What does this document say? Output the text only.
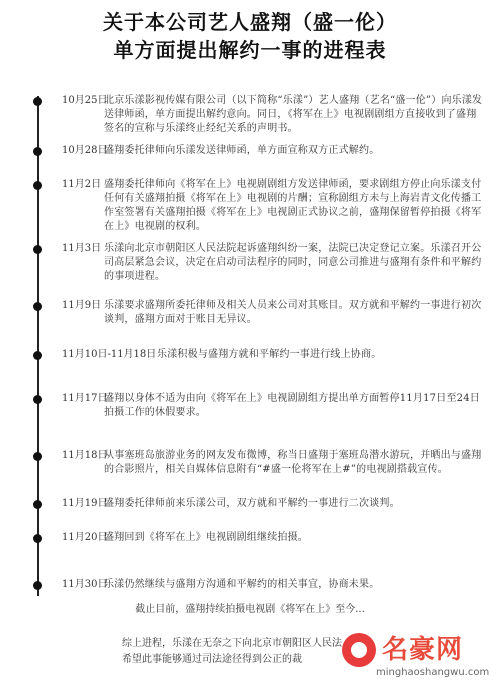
关于本公司艺人盛翔（盛一伦）
单方面提出解约一事的进程表
10月25日
北京乐漾影视传媒有限公司（以下简称“乐漾”）艺人盛翔（艺名“盛一伦”）向乐漾发送律师函，单方面提出解约意向。同日，《将军在上》电视剧剧组方直接收到了盛翔签名的宣称与乐漾终止经纪关系的声明书。
10月28日
盛翔委托律师向乐漾发送律师函，单方面宣称双方正式解约。
11月2日 盛翔委托律师向《将军在上》电视剧剧组方发送律师函，要求剧组方停止向乐漾支付任何有关盛翔拍摄《将军在上》电视剧的片酬；宣称剧组方未与上海岩青文化传播工作室签署有关盛翔拍摄《将军在上》电视剧正式协议之前，盛翔保留暂停拍摄《将军在上》电视剧的权利。
11月3日 乐漾向北京市朝阳区人民法院起诉盛翔纠纷一案，法院已决定登记立案。乐漾召开公司高层紧急会议，决定在启动司法程序的同时，同意公司推进与盛翔有条件和平解约的事项进程。
11月9日 乐漾要求盛翔所委托律师及相关人员来公司对其账目。双方就和平解约一事进行初次谈判，盛翔方面对于账目无异议。
11月10日-11月18日 乐漾积极与盛翔方就和平解约一事进行线上协商。
11月17日
盛翔以身体不适为由向《将军在上》电视剧剧组方提出单方面暂停11月17日至24日拍摄工作的休假要求。
11月18日
从事塞班岛旅游业务的网友发布微博，称当日盛翔于塞班岛潜水游玩，并晒出与盛翔的合影照片，相关自媒体信息附有“#盛一伦将军在上#”的电视剧搭载宣传。
11月19日
盛翔委托律师前来乐漾公司，双方就和平解约一事进行二次谈判。
11月20日
盛翔回到《将军在上》电视剧剧组继续拍摄。
11月30日
乐漾仍然继续与盛翔方沟通和平解约的相关事宜，协商未果。
截止目前，盛翔持续拍摄电视剧《将军在上》至今...
综上进程，乐漾在无奈之下向北京市朝阳区人民法
希望此事能够通过司法途径得到公正的裁	名豪网
minghaoshangwu.com
